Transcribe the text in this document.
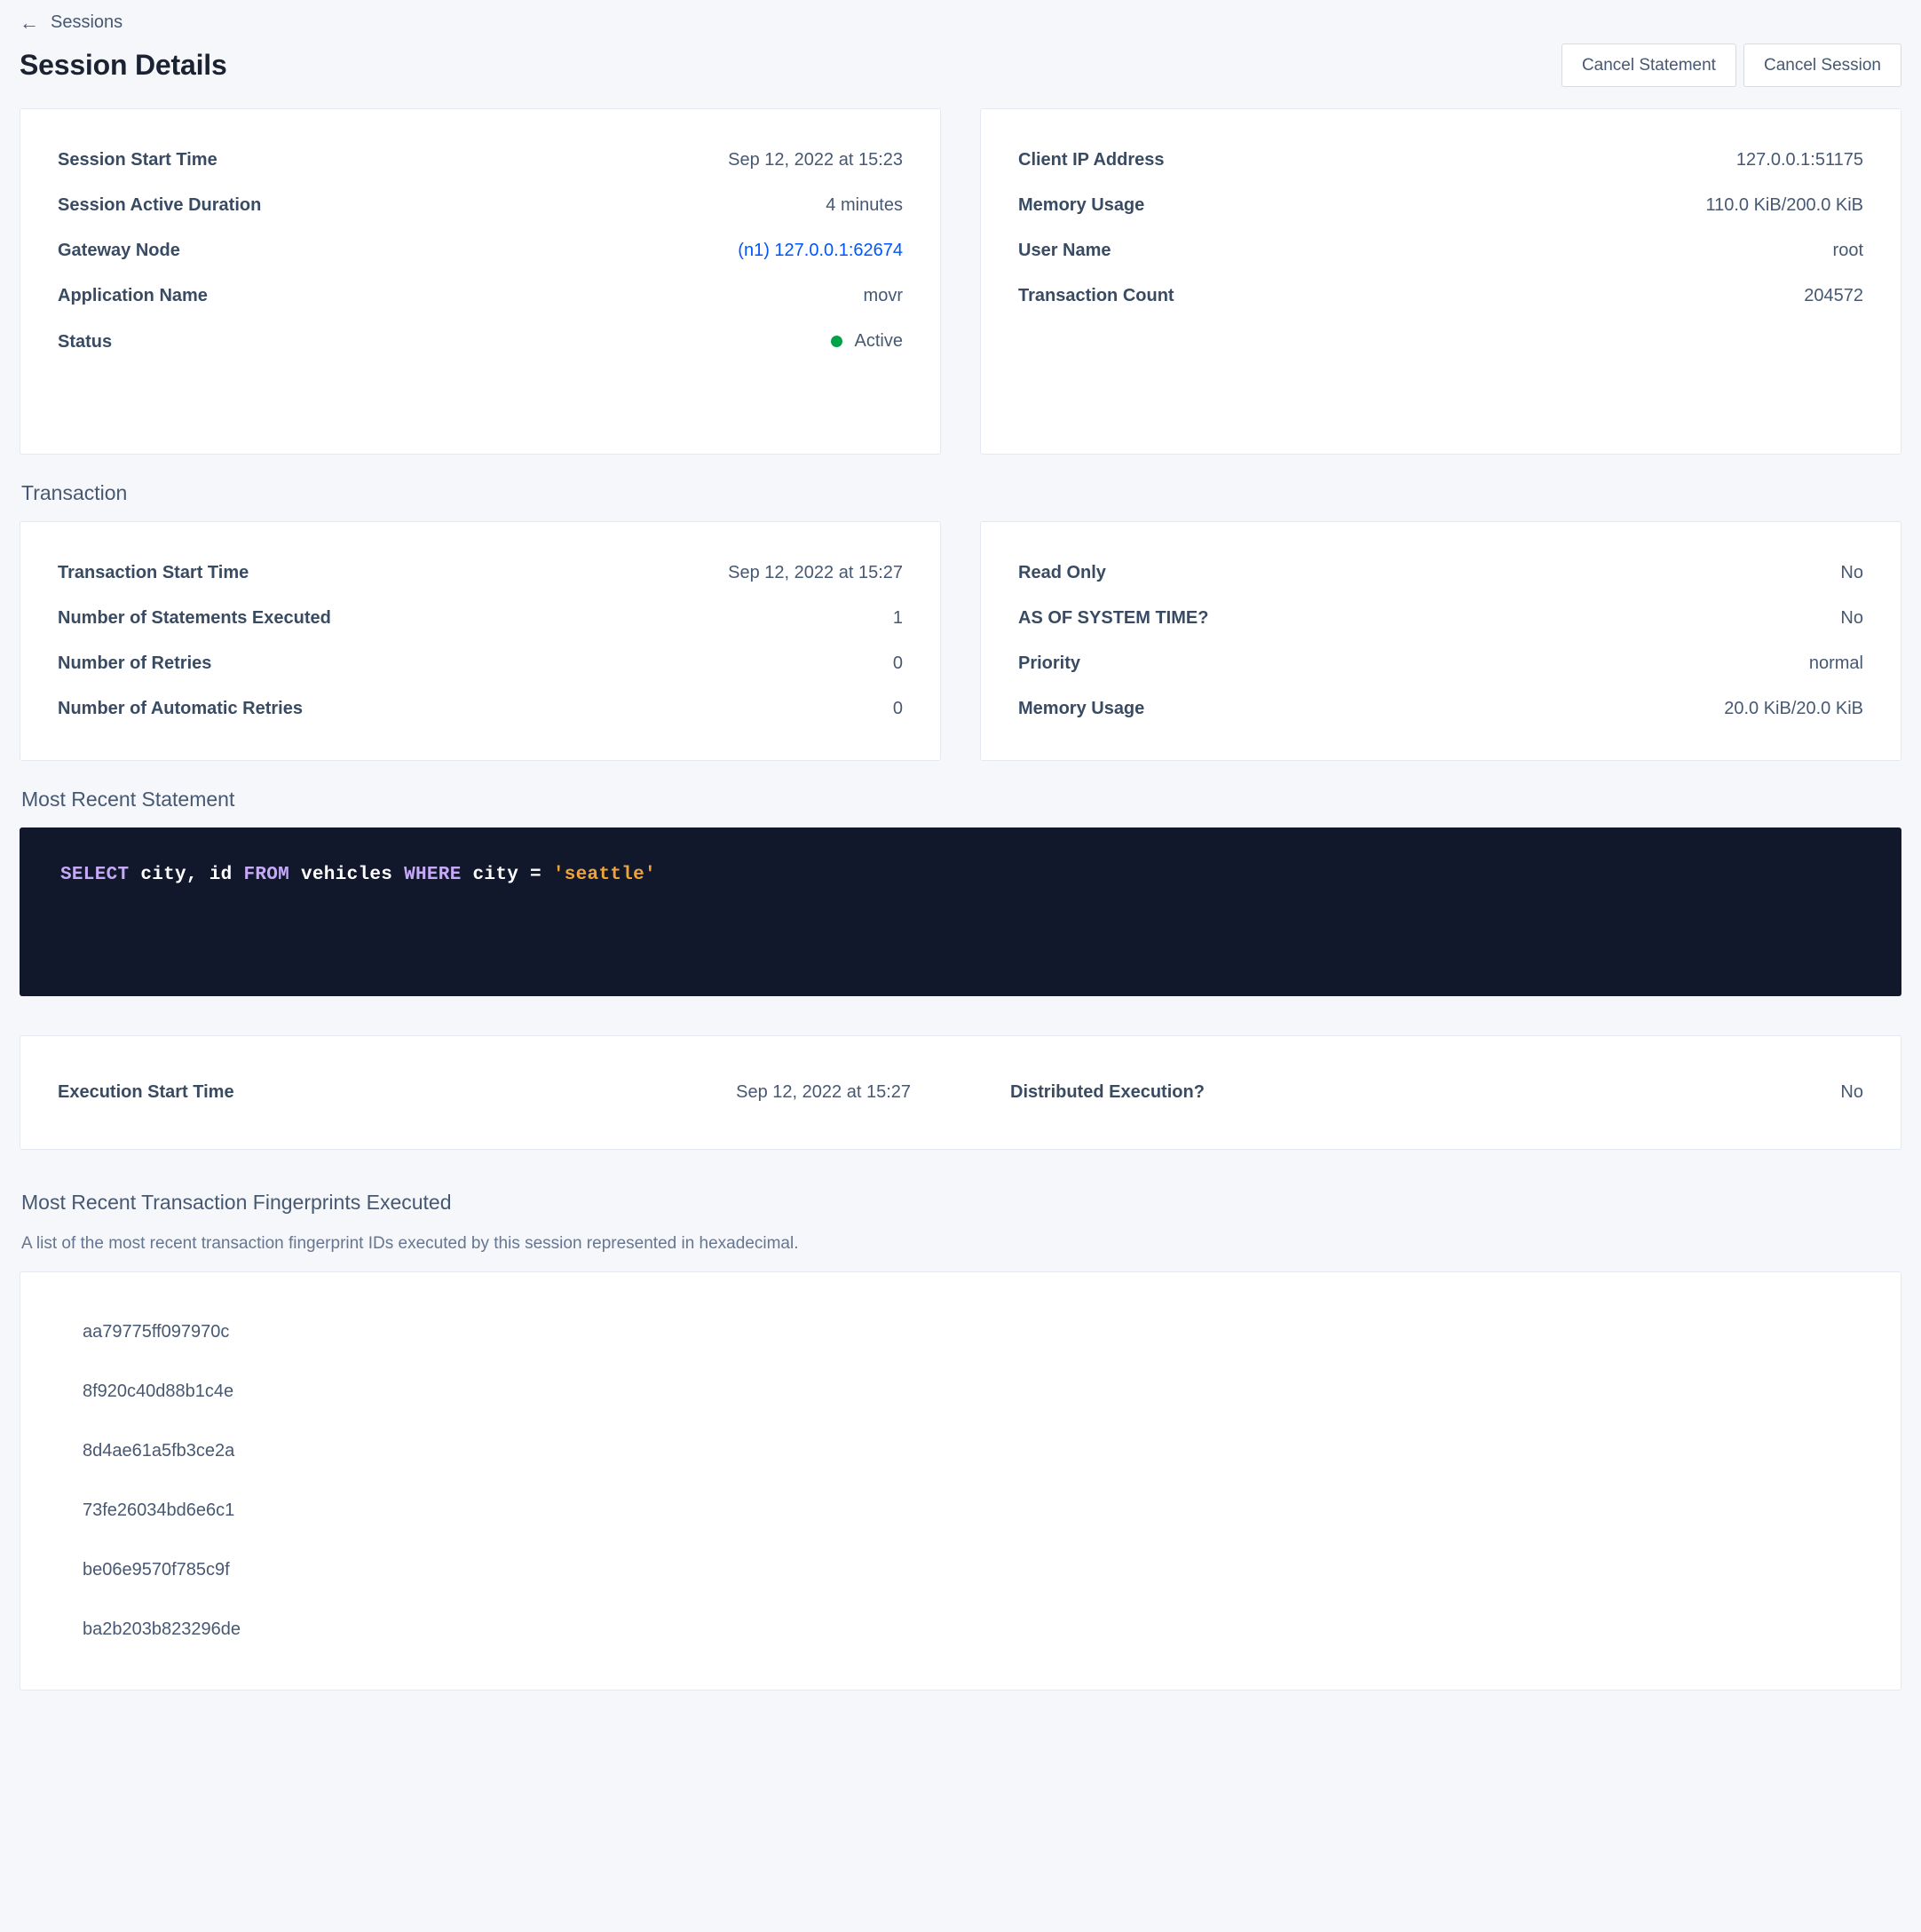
← Sessions
Session Details	Cancel Statement	Cancel Session
Session Start Time	Sep 12, 2022 at 15:23
Session Active Duration	4 minutes
Gateway Node	(n1) 127.0.0.1:62674
Application Name	movr
Status	Active
Client IP Address	127.0.0.1:51175
Memory Usage	110.0 KiB/200.0 KiB
User Name	root
Transaction Count	204572
Transaction
Transaction Start Time	Sep 12, 2022 at 15:27
Number of Statements Executed	1
Number of Retries	0
Number of Automatic Retries	0
Read Only	No
AS OF SYSTEM TIME?	No
Priority	normal
Memory Usage	20.0 KiB/20.0 KiB
Most Recent Statement
SELECT city, id FROM vehicles WHERE city = 'seattle'
Execution Start Time	Sep 12, 2022 at 15:27	Distributed Execution?	No
Most Recent Transaction Fingerprints Executed
A list of the most recent transaction fingerprint IDs executed by this session represented in hexadecimal.
aa79775ff097970c
8f920c40d88b1c4e
8d4ae61a5fb3ce2a
73fe26034bd6e6c1
be06e9570f785c9f
ba2b203b823296de
